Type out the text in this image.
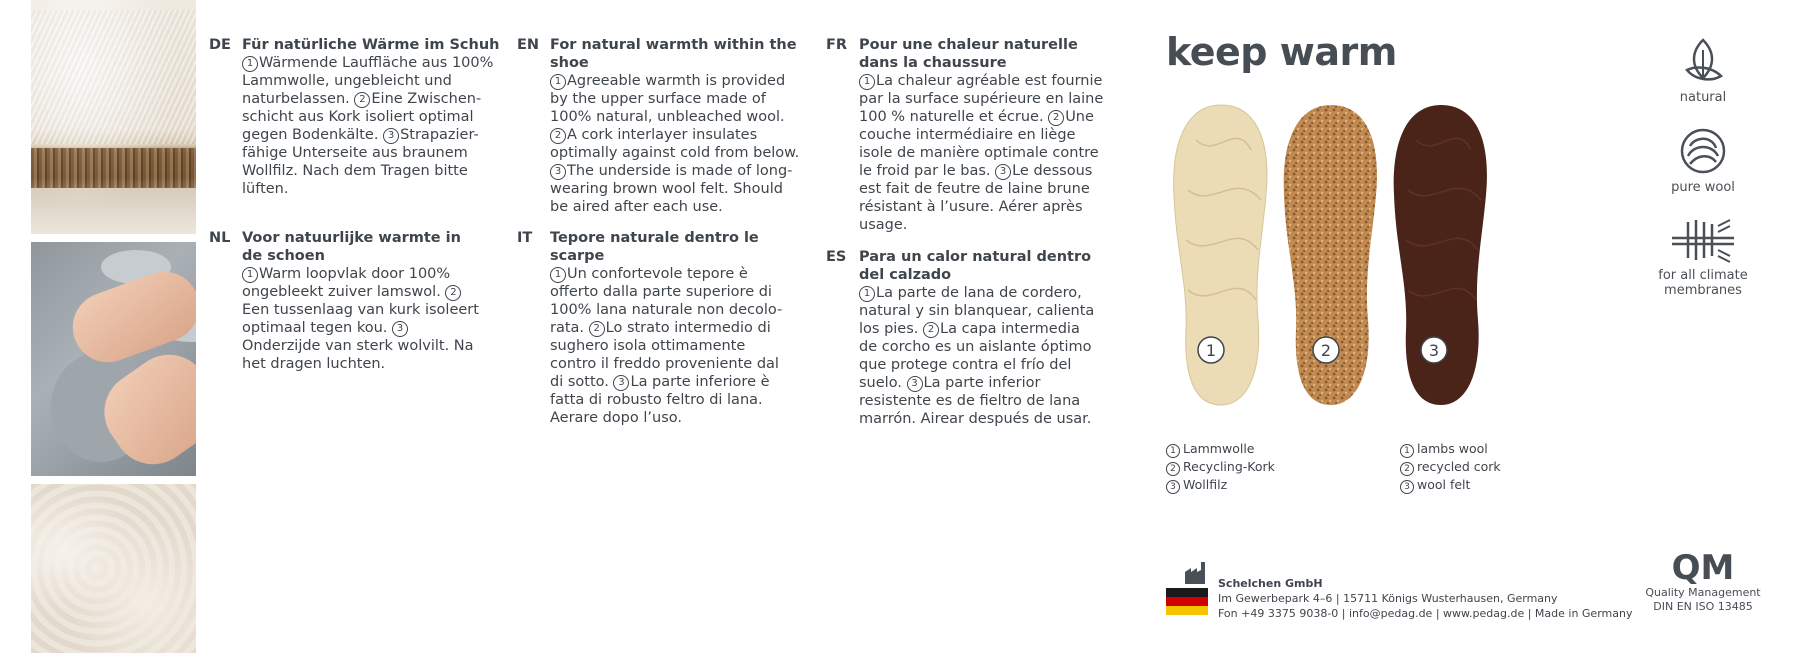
DE Für natürliche Wärme im Schuh
1 Wärmende Lauffläche aus 100% Lammwolle, ungebleicht und naturbelassen. 2 Eine Zwischen-schicht aus Kork isoliert optimal gegen Bodenkälte. 3 Strapazier-fähige Unterseite aus braunem Wollfilz. Nach dem Tragen bitte lüften.
NL Voor natuurlijke warmte in de schoen
1 Warm loopvlak door 100% ongebleekt zuiver lamswol. 2Een tussenlaag van kurk isoleert optimaal tegen kou. 3Onderzijde van sterk wolvilt. Na het dragen luchten.
EN For natural warmth within the shoe
1 Agreeable warmth is provided by the upper surface made of 100% natural, unbleached wool. 2 A cork interlayer insulates optimally against cold from below. 3 The underside is made of long-wearing brown wool felt. Should be aired after each use.
IT	Tepore naturale dentro le scarpe
1 Un confortevole tepore è offerto dalla parte superiore di 100% lana naturale non decolo-rata. 2 Lo strato intermedio di sughero isola ottimamente contro il freddo proveniente dal di sotto. 3 La parte inferiore è fatta di robusto feltro di lana. Aerare dopo l’uso.
FR Pour une chaleur naturelle dans la chaussure
1 La chaleur agréable est fournie par la surface supérieure en laine 100 % naturelle et écrue. 2 Une couche intermédiaire en liège isole de manière optimale contre le froid par le bas. 3 Le dessous est fait de feutre de laine brune résistant à l’usure. Aérer après usage.
ES Para un calor natural dentro del calzado
1 La parte de lana de cordero, natural y sin blanquear, calienta los pies. 2 La capa intermedia de corcho es un aislante óptimo que protege contra el frío del suelo. 3 La parte inferior resistente es de fieltro de lana marrón. Airear después de usar.
keep warm
1	2	3
1 Lammwolle
2 Recycling-Kork
3 Wollfilz
1 lambs wool
2 recycled cork
3 wool felt
natural
pure wool
for all climate membranes
Schelchen GmbH
Im Gewerbepark 4–6 | 15711 Königs Wusterhausen, Germany
Fon +49 3375 9038-0 | info@pedag.de | www.pedag.de | Made in Germany
QM
Quality Management
DIN EN ISO 13485
